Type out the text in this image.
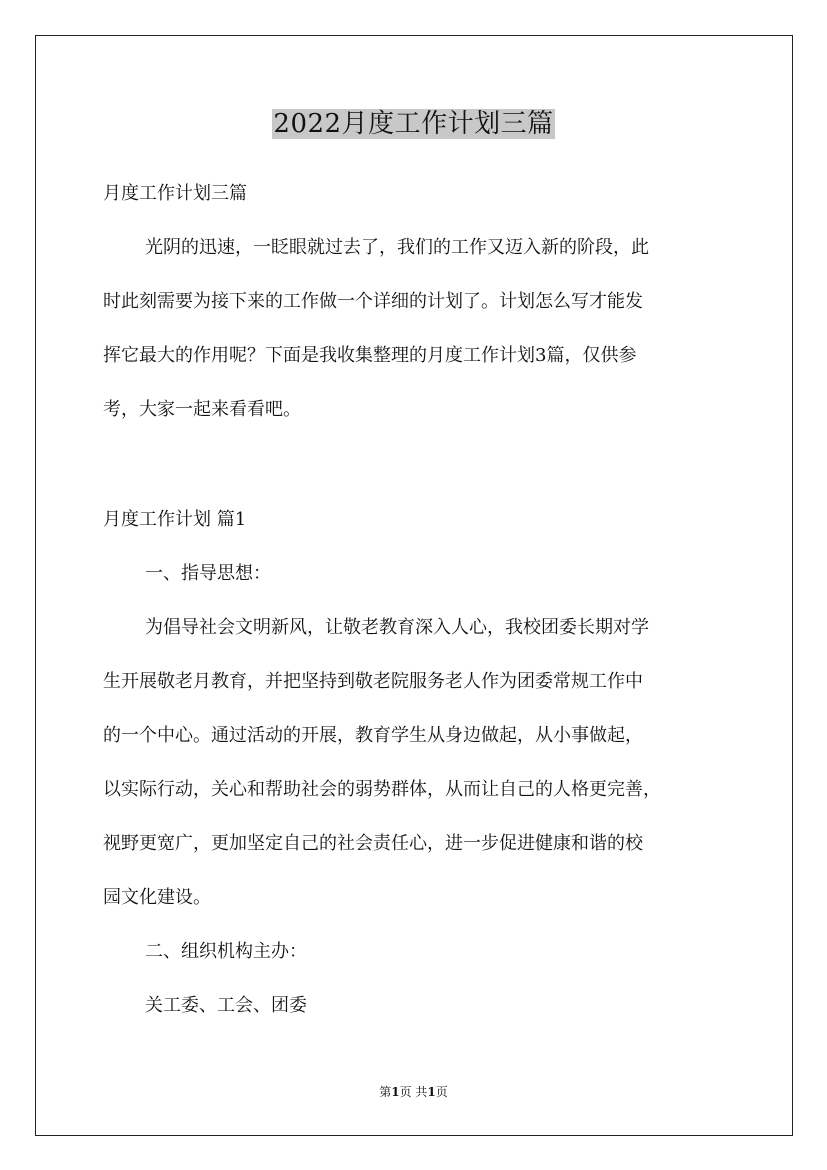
2022月度工作计划三篇
月度工作计划三篇
光阴的迅速，一眨眼就过去了，我们的工作又迈入新的阶段，此
时此刻需要为接下来的工作做一个详细的计划了。计划怎么写才能发
挥它最大的作用呢？下面是我收集整理的月度工作计划3篇，仅供参
考，大家一起来看看吧。
月度工作计划 篇1
一、指导思想：
为倡导社会文明新风，让敬老教育深入人心，我校团委长期对学
生开展敬老月教育，并把坚持到敬老院服务老人作为团委常规工作中
的一个中心。通过活动的开展，教育学生从身边做起，从小事做起，
以实际行动，关心和帮助社会的弱势群体，从而让自己的人格更完善，
视野更宽广，更加坚定自己的社会责任心，进一步促进健康和谐的校
园文化建设。
二、组织机构主办：
关工委、工会、团委
第1页 共1页
